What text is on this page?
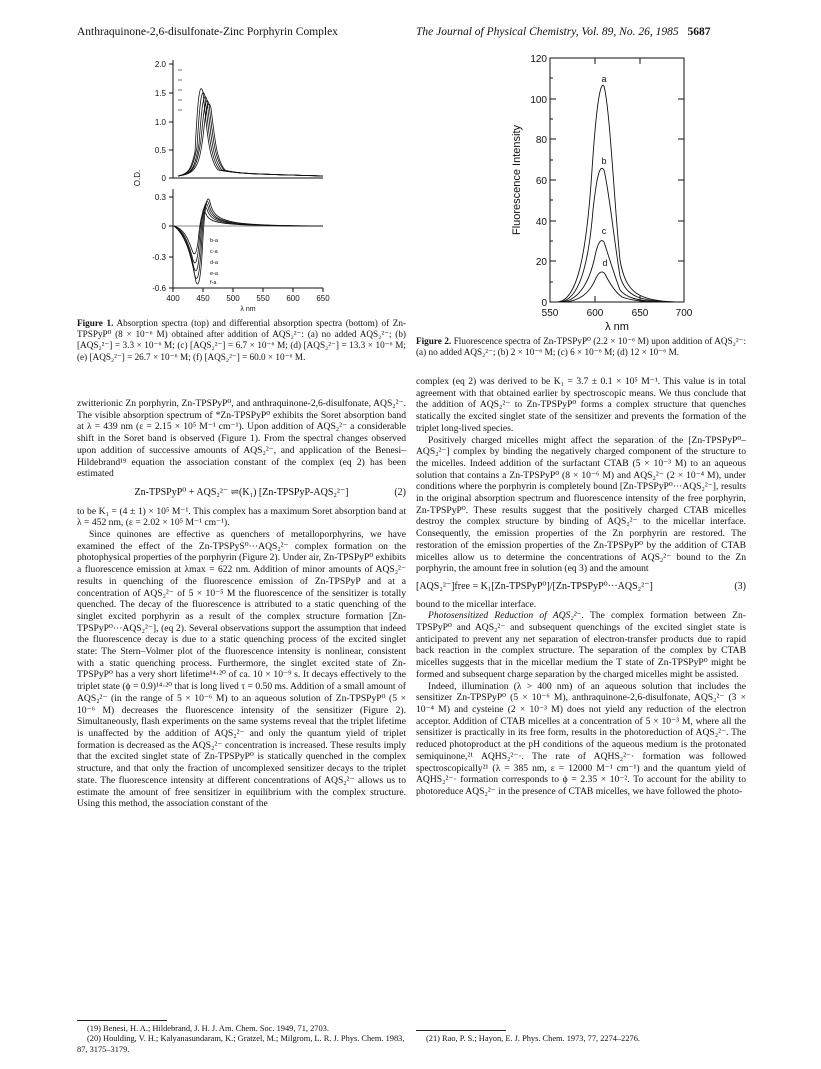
Anthraquinone-2,6-disulfonate-Zinc Porphyrin Complex	The Journal of Physical Chemistry, Vol. 89, No. 26, 1985 5687
2.0
1.5
1.0
0.5
0
0.3
0
-0.3
-0.6
O.D.
400 450 500 550 600 650
λ nm
b-a
c-a
d-a
e-a
f-a
Figure 1. Absorption spectra (top) and differential absorption spectra (bottom) of Zn-TPSPyP⁰ (8 × 10⁻⁶ M) obtained after addition of AQS₂²⁻: (a) no added AQS₂²⁻; (b) [AQS₂²⁻] = 3.3 × 10⁻⁶ M; (c) [AQS₂²⁻] = 6.7 × 10⁻⁶ M; (d) [AQS₂²⁻] = 13.3 × 10⁻⁶ M; (e) [AQS₂²⁻] = 26.7 × 10⁻⁶ M; (f) [AQS₂²⁻] = 60.0 × 10⁻⁶ M.
120
100
80
60
40
20
0
Fluorescence Intensity
550	600	650	700
λ nm
a
b
c
d
Figure 2. Fluorescence spectra of Zn-TPSPyP⁰ (2.2 × 10⁻⁶ M) upon addition of AQS₂²⁻: (a) no added AQS₂²⁻; (b) 2 × 10⁻⁶ M; (c) 6 × 10⁻⁶ M; (d) 12 × 10⁻⁶ M.

zwitterionic Zn porphyrin, Zn-TPSPyP⁰, and anthraquinone-2,6-disulfonate, AQS₂²⁻. The visible absorption spectrum of *Zn-TPSPyP⁰ exhibits the Soret absorption band at λ = 439 nm (ε = 2.15 × 10⁵ M⁻¹ cm⁻¹). Upon addition of AQS₂²⁻ a considerable shift in the Soret band is observed (Figure 1). From the spectral changes observed upon addition of successive amounts of AQS₂²⁻, and application of the Benesi–Hildebrand¹⁹ equation the association constant of the complex (eq 2) has been estimated

Zn-TPSPyP⁰ + AQS₂²⁻ ⇌(K₁) [Zn-TPSPyP-AQS₂²⁻]	(2)

to be K₁ = (4 ± 1) × 10⁵ M⁻¹. This complex has a maximum Soret absorption band at λ = 452 nm, (ε = 2.02 × 10⁵ M⁻¹ cm⁻¹).

Since quinones are effective as quenchers of metalloporphyrins, we have examined the effect of the Zn-TPSPyS⁰···AQS₂²⁻ complex formation on the photophysical properties of the porphyrin (Figure 2). Under air, Zn-TPSPyP⁰ exhibits a fluorescence emission at λmax = 622 nm. Addition of minor amounts of AQS₂²⁻ results in quenching of the fluorescence emission of Zn-TPSPyP and at a concentration of AQS₂²⁻ of 5 × 10⁻⁵ M the fluorescence of the sensitizer is totally quenched. The decay of the fluorescence is attributed to a static quenching of the singlet excited porphyrin as a result of the complex structure formation [Zn-TPSPyP⁰···AQS₂²⁻], (eq 2). Several observations support the assumption that indeed the fluorescence decay is due to a static quenching process of the excited singlet state: The Stern–Volmer plot of the fluorescence intensity is nonlinear, consistent with a static quenching process. Furthermore, the singlet excited state of Zn-TPSPyP⁰ has a very short lifetime¹⁴·²⁰ of ca. 10 × 10⁻⁹ s. It decays effectively to the triplet state (ϕ = 0.9)¹⁴·²⁰ that is long lived τ = 0.50 ms. Addition of a small amount of AQS₂²⁻ (in the range of 5 × 10⁻⁶ M) to an aqueous solution of Zn-TPSPyP⁰ (5 × 10⁻⁶ M) decreases the fluorescence intensity of the sensitizer (Figure 2). Simultaneously, flash experiments on the same systems reveal that the triplet lifetime is unaffected by the addition of AQS₂²⁻ and only the quantum yield of triplet formation is decreased as the AQS₂²⁻ concentration is increased. These results imply that the excited singlet state of Zn-TPSPyP⁰ is statically quenched in the complex structure, and that only the fraction of uncomplexed sensitizer decays to the triplet state. The fluorescence intensity at different concentrations of AQS₂²⁻ allows us to estimate the amount of free sensitizer in equilibrium with the complex structure. Using this method, the association constant of the

(19) Benesi, H. A.; Hildebrand, J. H. J. Am. Chem. Soc. 1949, 71, 2703.
(20) Houlding, V. H.; Kalyanasundaram, K.; Gratzel, M.; Milgrom, L. R. J. Phys. Chem. 1983, 87, 3175–3179.

complex (eq 2) was derived to be K₁ = 3.7 ± 0.1 × 10⁵ M⁻¹. This value is in total agreement with that obtained earlier by spectroscopic means. We thus conclude that the addition of AQS₂²⁻ to Zn-TPSPyP⁰ forms a complex structure that quenches statically the excited singlet state of the sensitizer and prevents the formation of the triplet long-lived species.

Positively charged micelles might affect the separation of the [Zn-TPSPyP⁰–AQS₂²⁻] complex by binding the negatively charged component of the structure to the micelles. Indeed addition of the surfactant CTAB (5 × 10⁻³ M) to an aqueous solution that contains a Zn-TPSPyP⁰ (8 × 10⁻⁶ M) and AQS₂²⁻ (2 × 10⁻⁴ M), under conditions where the porphyrin is completely bound [Zn-TPSPyP⁰···AQS₂²⁻], results in the original absorption spectrum and fluorescence intensity of the free porphyrin, Zn-TPSPyP⁰. These results suggest that the positively charged CTAB micelles destroy the complex structure by binding of AQS₂²⁻ to the micellar interface. Consequently, the emission properties of the Zn porphyrin are restored. The restoration of the emission properties of the Zn-TPSPyP⁰ by the addition of CTAB micelles allow us to determine the concentrations of AQS₂²⁻ bound to the Zn porphyrin, the amount free in solution (eq 3) and the amount

[AQS₂²⁻]free = K₁[Zn-TPSPyP⁰]/[Zn-TPSPyP⁰···AQS₂²⁻]	(3)

bound to the micellar interface.

Photosensitized Reduction of AQS₂²⁻. The complex formation between Zn-TPSPyP⁰ and AQS₂²⁻ and subsequent quenchings of the excited singlet state is anticipated to prevent any net separation of electron-transfer products due to rapid back reaction in the complex structure. The separation of the complex by CTAB micelles suggests that in the micellar medium the T state of Zn-TPSPyP⁰ might be formed and subsequent charge separation by the charged micelles might be assisted.

Indeed, illumination (λ > 400 nm) of an aqueous solution that includes the sensitizer Zn-TPSPyP⁰ (5 × 10⁻⁶ M), anthraquinone-2,6-disulfonate, AQS₂²⁻ (3 × 10⁻⁴ M) and cysteine (2 × 10⁻³ M) does not yield any reduction of the electron acceptor. Addition of CTAB micelles at a concentration of 5 × 10⁻³ M, where all the sensitizer is practically in its free form, results in the photoreduction of AQS₂²⁻. The reduced photoproduct at the pH conditions of the aqueous medium is the protonated semiquinone,²¹ AQHS₂²⁻·. The rate of AQHS₂²⁻· formation was followed spectroscopically²¹ (λ = 385 nm, ε = 12000 M⁻¹ cm⁻¹) and the quantum yield of AQHS₂²⁻· formation corresponds to ϕ = 2.35 × 10⁻². To account for the ability to photoreduce AQS₂²⁻ in the presence of CTAB micelles, we have followed the photo-

(21) Rao, P. S.; Hayon, E. J. Phys. Chem. 1973, 77, 2274–2276.
